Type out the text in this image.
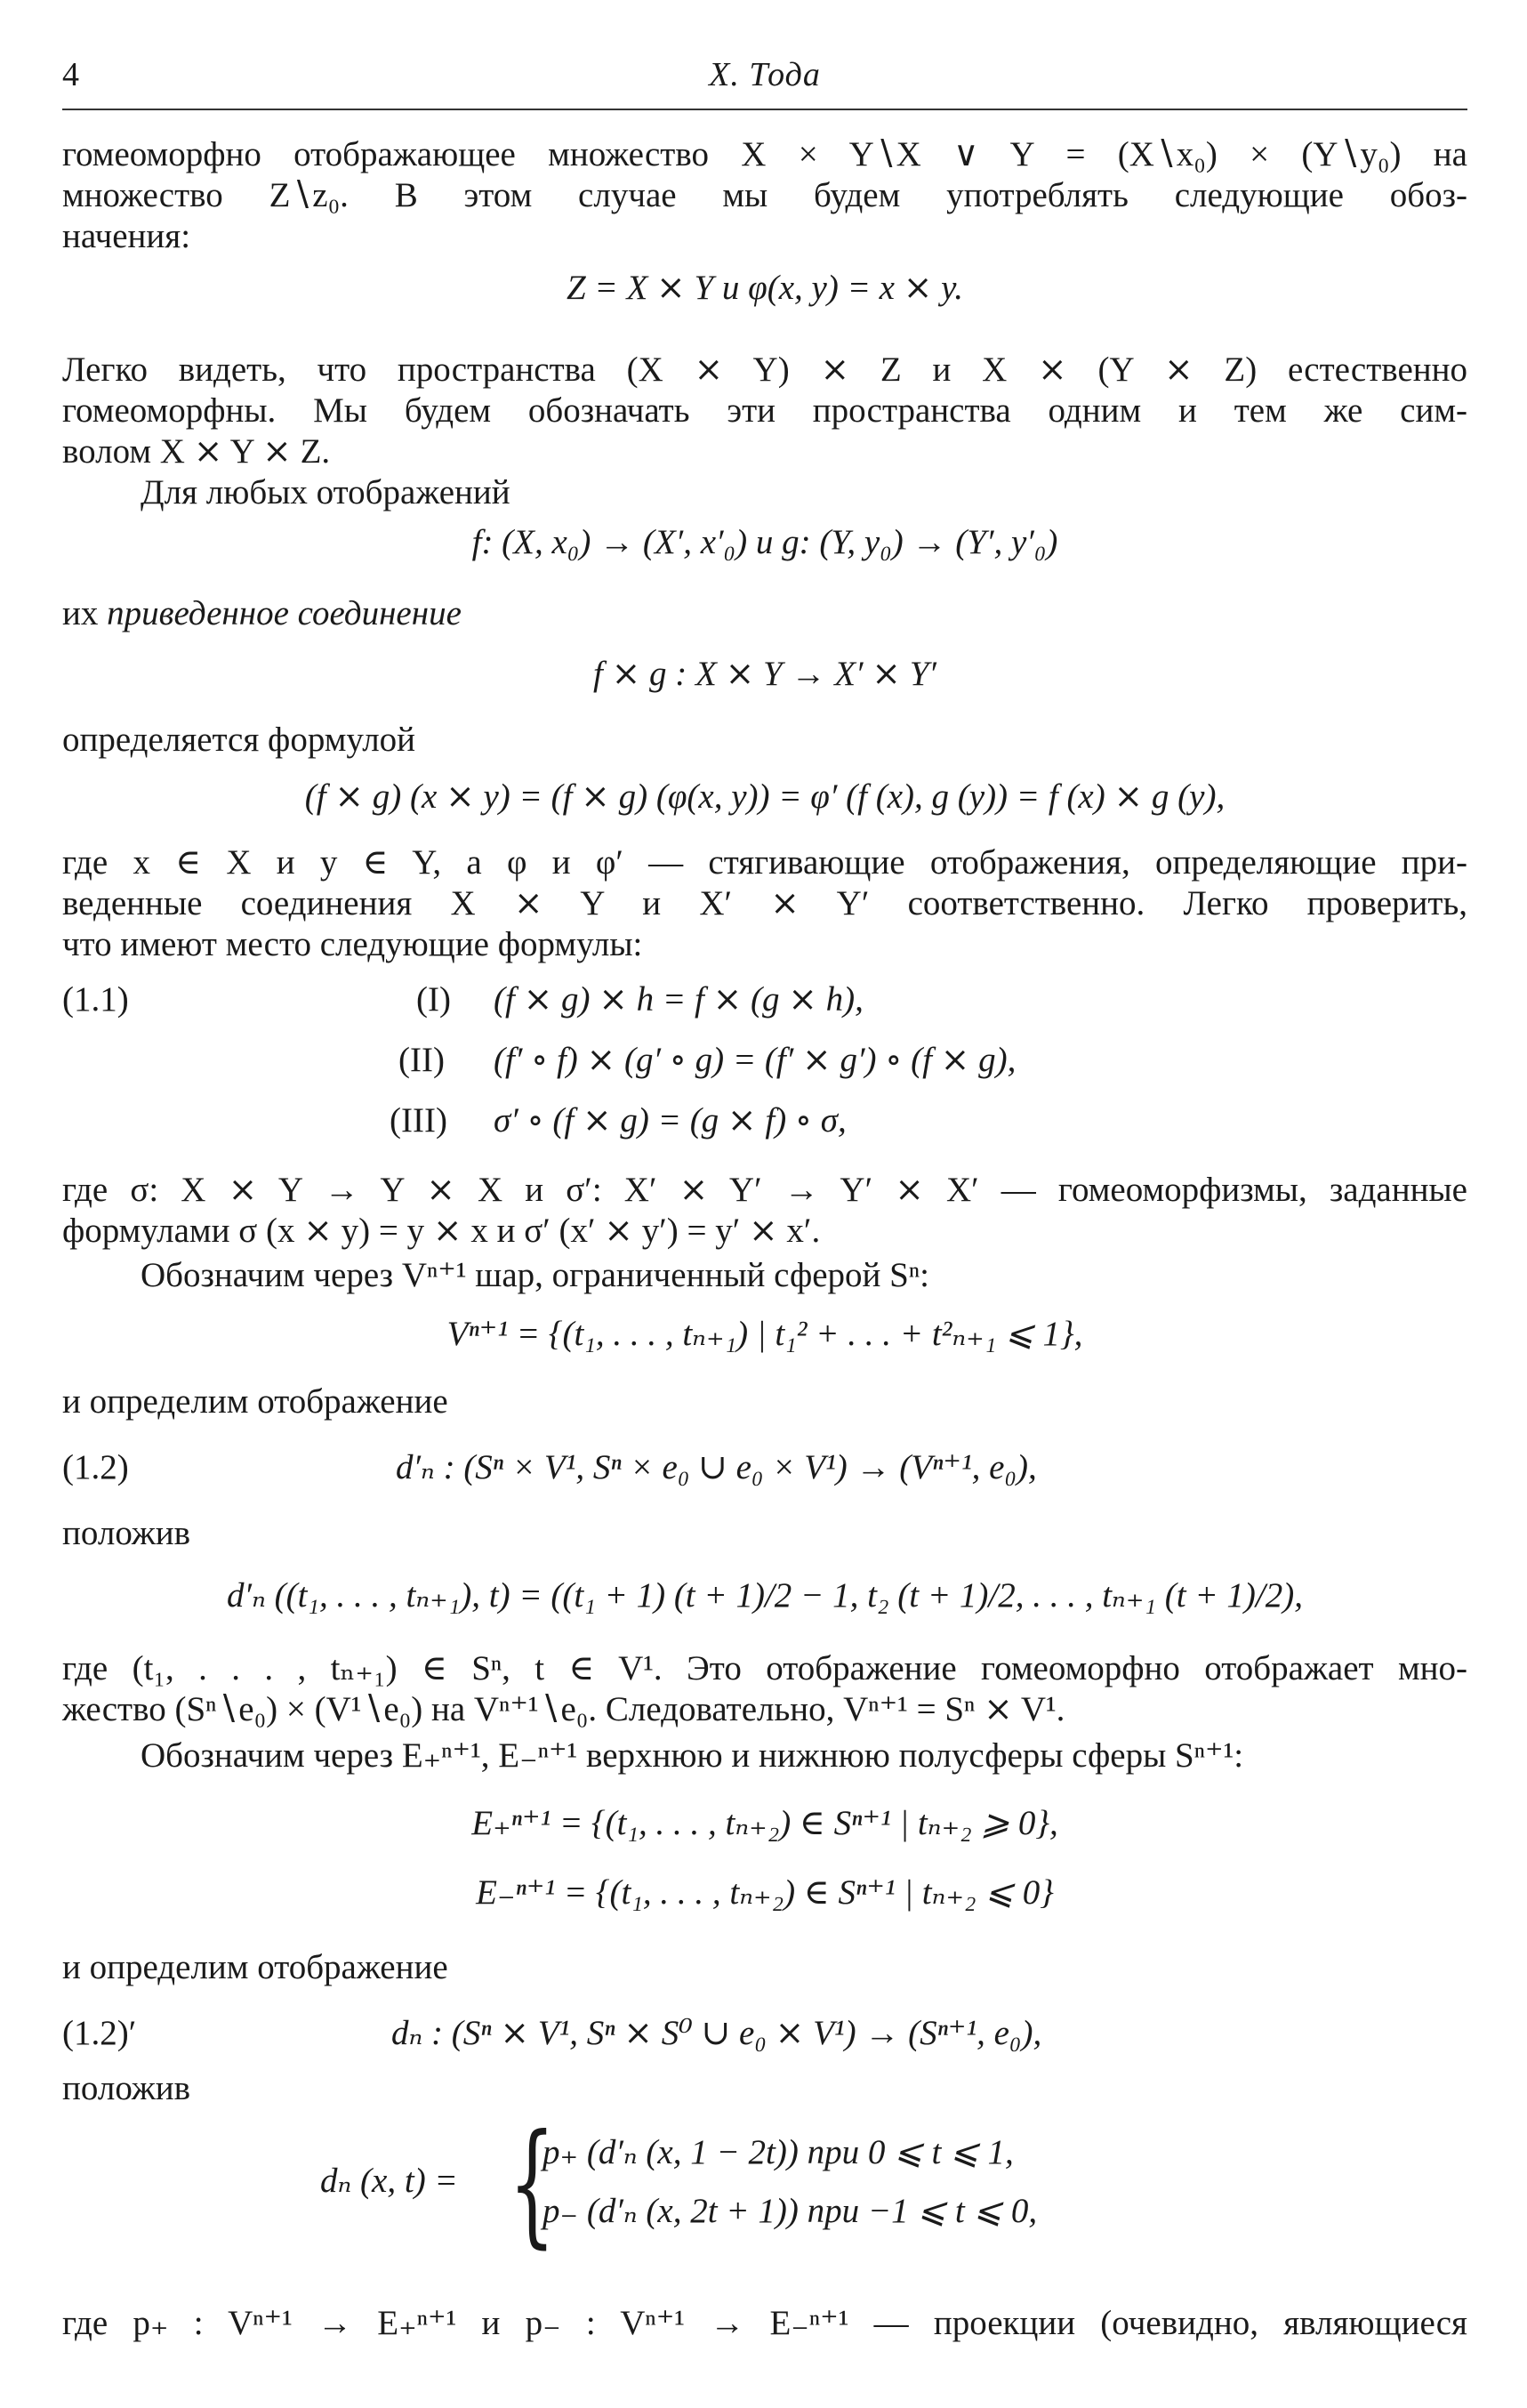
4	Х. Тода
гомеоморфно отображающее множество X × Y∖X ∨ Y = (X∖x₀) × (Y∖y₀) на
множество Z∖z₀. В этом случае мы будем употреблять следующие обоз-
начения:
Z = X ⨯ Y и φ(x, y) = x ⨯ y.
Легко видеть, что пространства (X ⨯ Y) ⨯ Z и X ⨯ (Y ⨯ Z) естественно
гомеоморфны. Мы будем обозначать эти пространства одним и тем же сим-
волом X ⨯ Y ⨯ Z.
Для любых отображений
f: (X, x₀) → (X′, x′₀) и g: (Y, y₀) → (Y′, y′₀)
их приведенное соединение
f ⨯ g : X ⨯ Y → X′ ⨯ Y′
определяется формулой
(f ⨯ g) (x ⨯ y) = (f ⨯ g) (φ(x, y)) = φ′ (f (x), g (y)) = f (x) ⨯ g (y),
где x ∈ X и y ∈ Y, а φ и φ′ — стягивающие отображения, определяющие при-
веденные соединения X ⨯ Y и X′ ⨯ Y′ соответственно. Легко проверить,
что имеют место следующие формулы:
(1.1)	(I) (f ⨯ g) ⨯ h = f ⨯ (g ⨯ h),
(II) (f′ ∘ f) ⨯ (g′ ∘ g) = (f′ ⨯ g′) ∘ (f ⨯ g),
(III) σ′ ∘ (f ⨯ g) = (g ⨯ f) ∘ σ,
где σ: X ⨯ Y → Y ⨯ X и σ′: X′ ⨯ Y′ → Y′ ⨯ X′ — гомеоморфизмы, заданные
формулами σ (x ⨯ y) = y ⨯ x и σ′ (x′ ⨯ y′) = y′ ⨯ x′.
Обозначим через Vⁿ⁺¹ шар, ограниченный сферой Sⁿ:
Vⁿ⁺¹ = {(t₁, . . . , tₙ₊₁) | t₁² + . . . + t²ₙ₊₁ ⩽ 1},
и определим отображение
(1.2)	d′ₙ : (Sⁿ × V¹, Sⁿ × e₀ ∪ e₀ × V¹) → (Vⁿ⁺¹, e₀),
положив
d′ₙ ((t₁, . . . , tₙ₊₁), t) = ((t₁ + 1) (t + 1)/2 − 1, t₂ (t + 1)/2, . . . , tₙ₊₁ (t + 1)/2),
где (t₁, . . . , tₙ₊₁) ∈ Sⁿ, t ∈ V¹. Это отображение гомеоморфно отображает мно-
жество (Sⁿ∖e₀) × (V¹∖e₀) на Vⁿ⁺¹∖e₀. Следовательно, Vⁿ⁺¹ = Sⁿ ⨯ V¹.
Обозначим через E₊ⁿ⁺¹, E₋ⁿ⁺¹ верхнюю и нижнюю полусферы сферы Sⁿ⁺¹:
E₊ⁿ⁺¹ = {(t₁, . . . , tₙ₊₂) ∈ Sⁿ⁺¹ | tₙ₊₂ ⩾ 0},
E₋ⁿ⁺¹ = {(t₁, . . . , tₙ₊₂) ∈ Sⁿ⁺¹ | tₙ₊₂ ⩽ 0}
и определим отображение
(1.2)′	dₙ : (Sⁿ ⨯ V¹, Sⁿ ⨯ S⁰ ∪ e₀ ⨯ V¹) → (Sⁿ⁺¹, e₀),
положив
dₙ (x, t) = {
p₊ (d′ₙ (x, 1 − 2t)) при 0 ⩽ t ⩽ 1,
p₋ (d′ₙ (x, 2t + 1)) при −1 ⩽ t ⩽ 0,
где p₊ : Vⁿ⁺¹ → E₊ⁿ⁺¹ и p₋ : Vⁿ⁺¹ → E₋ⁿ⁺¹ — проекции (очевидно, являющиеся
